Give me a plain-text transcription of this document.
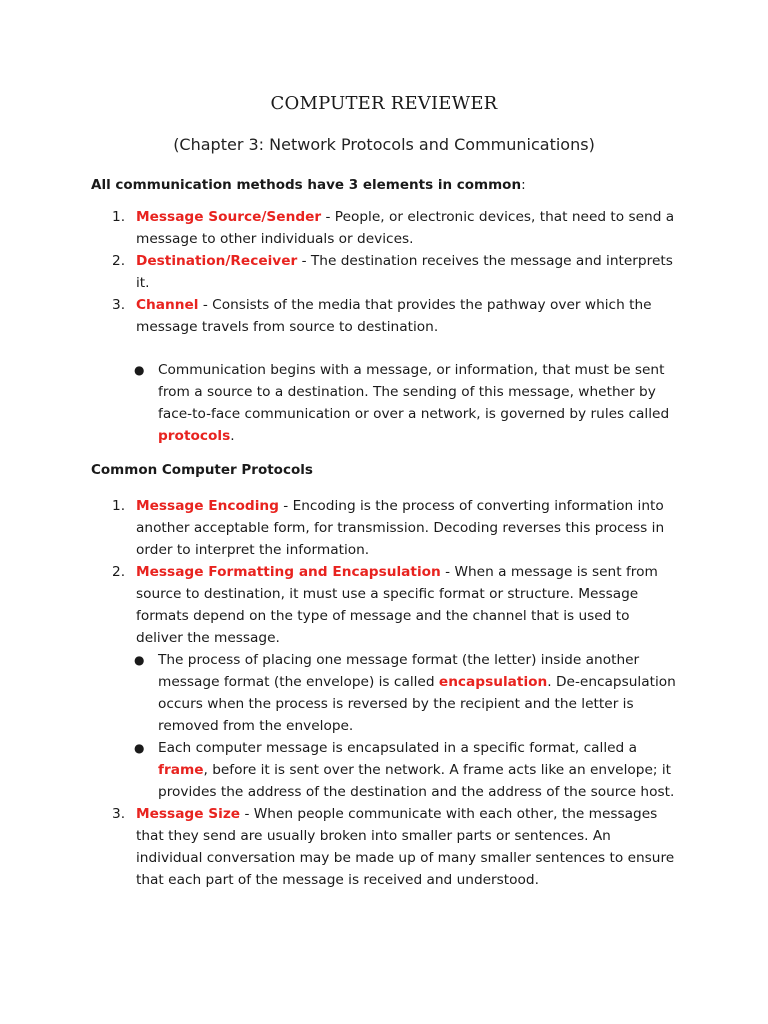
COMPUTER REVIEWER
(Chapter 3: Network Protocols and Communications)
All communication methods have 3 elements in common:
1. Message Source/Sender - People, or electronic devices, that need to send a message to other individuals or devices.
2. Destination/Receiver - The destination receives the message and interprets it.
3. Channel - Consists of the media that provides the pathway over which the message travels from source to destination.
● Communication begins with a message, or information, that must be sent from a source to a destination. The sending of this message, whether by face-to-face communication or over a network, is governed by rules called protocols.
Common Computer Protocols
1. Message Encoding - Encoding is the process of converting information into another acceptable form, for transmission. Decoding reverses this process in order to interpret the information.
2. Message Formatting and Encapsulation - When a message is sent from source to destination, it must use a specific format or structure. Message formats depend on the type of message and the channel that is used to deliver the message.
● The process of placing one message format (the letter) inside another message format (the envelope) is called encapsulation. De-encapsulation occurs when the process is reversed by the recipient and the letter is removed from the envelope.
● Each computer message is encapsulated in a specific format, called a frame, before it is sent over the network. A frame acts like an envelope; it provides the address of the destination and the address of the source host.
3. Message Size - When people communicate with each other, the messages that they send are usually broken into smaller parts or sentences. An individual conversation may be made up of many smaller sentences to ensure that each part of the message is received and understood.
